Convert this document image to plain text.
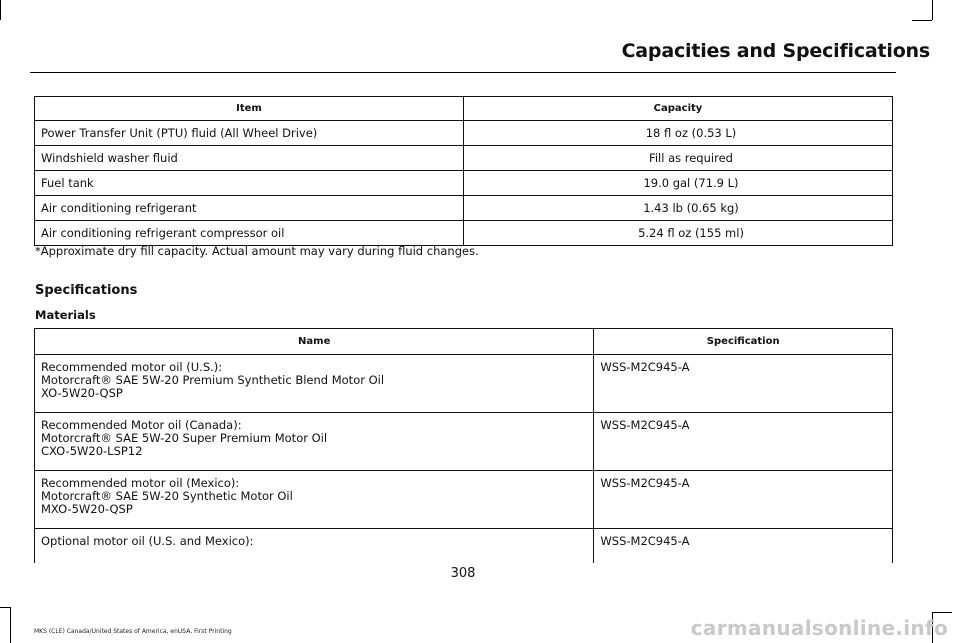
Capacities and Specifications
Item	Capacity
Power Transfer Unit (PTU) fluid (All Wheel Drive)	18 fl oz (0.53 L)
Windshield washer fluid	Fill as required
Fuel tank	19.0 gal (71.9 L)
Air conditioning refrigerant	1.43 lb (0.65 kg)
Air conditioning refrigerant compressor oil	5.24 fl oz (155 ml)
*Approximate dry fill capacity. Actual amount may vary during fluid changes.
Specifications
Materials
Name	Specification

Recommended motor oil (U.S.):
Motorcraft® SAE 5W-20 Premium Synthetic Blend Motor Oil
XO-5W20-QSP	WSS-M2C945-A

Recommended Motor oil (Canada):
Motorcraft® SAE 5W-20 Super Premium Motor Oil
CXO-5W20-LSP12	WSS-M2C945-A

Recommended motor oil (Mexico):
Motorcraft® SAE 5W-20 Synthetic Motor Oil
MXO-5W20-QSP	WSS-M2C945-A

Optional motor oil (U.S. and Mexico):	WSS-M2C945-A
308
MKS (CLE) Canada/United States of America, enUSA, First Printing	carmanualsonline.info
